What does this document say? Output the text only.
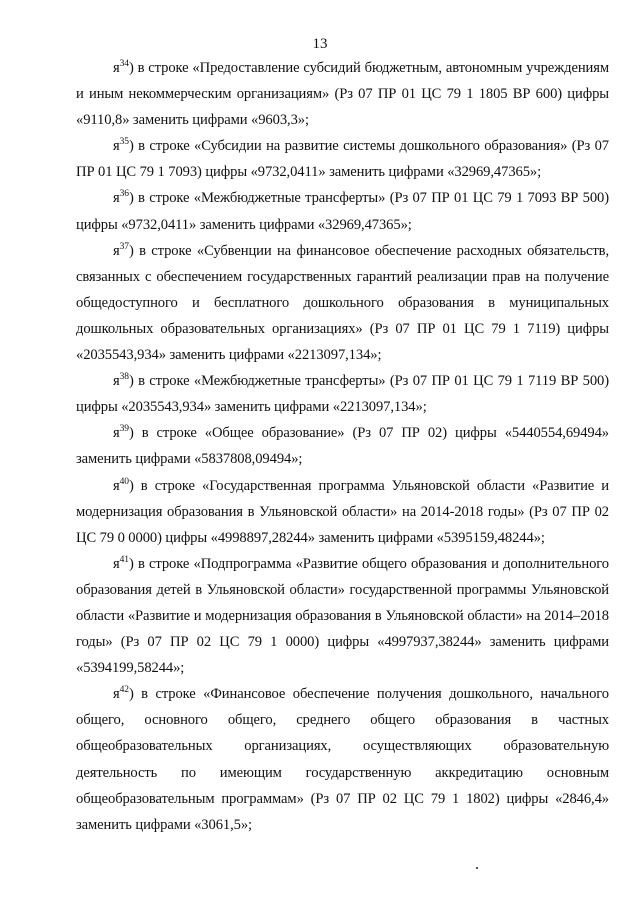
13

$я^{34}$) в строке «Предоставление субсидий бюджетным, автономным учреждениям и иным некоммерческим организациям» (Рз 07 ПР 01 ЦС 79 1 1805 ВР 600) цифры «9110,8» заменить цифрами «9603,3»;

$я^{35}$) в строке «Субсидии на развитие системы дошкольного образования» (Рз 07 ПР 01 ЦС 79 1 7093) цифры «9732,0411» заменить цифрами «32969,47365»;

$я^{36}$) в строке «Межбюджетные трансферты» (Рз 07 ПР 01 ЦС 79 1 7093 ВР 500) цифры «9732,0411» заменить цифрами «32969,47365»;

$я^{37}$) в строке «Субвенции на финансовое обеспечение расходных обязательств, связанных с обеспечением государственных гарантий реализации прав на получение общедоступного и бесплатного дошкольного образования в муниципальных дошкольных образовательных организациях» (Рз 07 ПР 01 ЦС 79 1 7119) цифры «2035543,934» заменить цифрами «2213097,134»;

$я^{38}$) в строке «Межбюджетные трансферты» (Рз 07 ПР 01 ЦС 79 1 7119 ВР 500) цифры «2035543,934» заменить цифрами «2213097,134»;

$я^{39}$) в строке «Общее образование» (Рз 07 ПР 02) цифры «5440554,69494» заменить цифрами «5837808,09494»;

$я^{40}$) в строке «Государственная программа Ульяновской области «Развитие и модернизация образования в Ульяновской области» на 2014-2018 годы» (Рз 07 ПР 02 ЦС 79 0 0000) цифры «4998897,28244» заменить цифрами «5395159,48244»;

$я^{41}$) в строке «Подпрограмма «Развитие общего образования и дополнительного образования детей в Ульяновской области» государственной программы Ульяновской области «Развитие и модернизация образования в Ульяновской области» на 2014–2018 годы» (Рз 07 ПР 02 ЦС 79 1 0000) цифры «4997937,38244» заменить цифрами «5394199,58244»;

$я^{42}$) в строке «Финансовое обеспечение получения дошкольного, начального общего, основного общего, среднего общего образования в частных общеобразовательных организациях, осуществляющих образовательную деятельность по имеющим государственную аккредитацию основным общеобразовательным программам» (Рз 07 ПР 02 ЦС 79 1 1802) цифры «2846,4» заменить цифрами «3061,5»;
